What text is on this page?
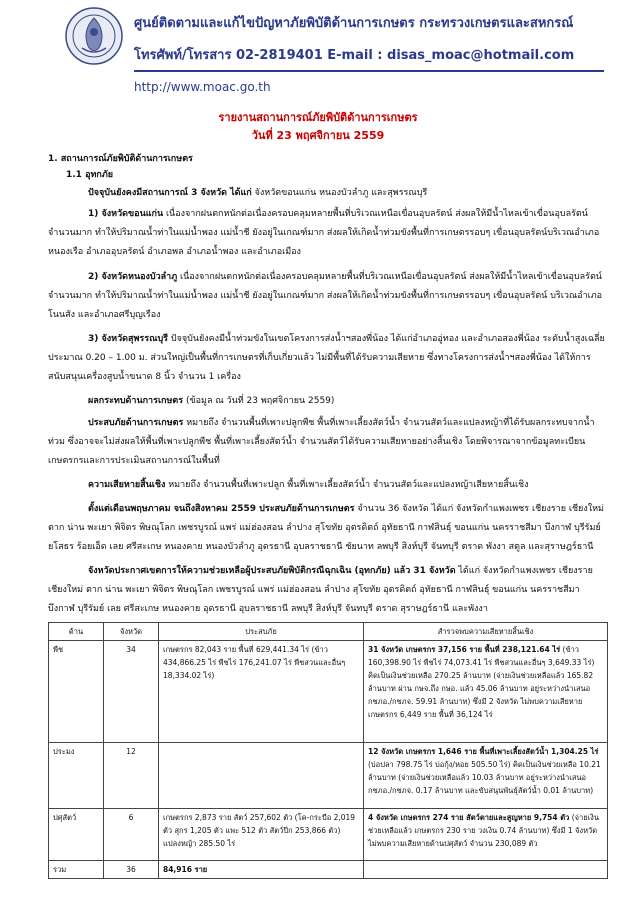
ศูนย์ติดตามและแก้ไขปัญหาภัยพิบัติด้านการเกษตร กระทรวงเกษตรและสหกรณ์
โทรศัพท์/โทรสาร 02-2819401 E-mail : disas_moac@hotmail.com
http://www.moac.go.th
รายงานสถานการณ์ภัยพิบัติด้านการเกษตร
วันที่ 23 พฤศจิกายน 2559
1. สถานการณ์ภัยพิบัติด้านการเกษตร
1.1 อุทกภัย
ปัจจุบันยังคงมีสถานการณ์ 3 จังหวัด ได้แก่ จังหวัดขอนแก่น หนองบัวลำภู และสุพรรณบุรี
1) จังหวัดขอนแก่น เนื่องจากฝนตกหนักต่อเนื่องครอบคลุมหลายพื้นที่บริเวณเหนือเขื่อนอุบลรัตน์ ส่งผลให้มีน้ำไหลเข้าเขื่อนอุบลรัตน์จำนวนมาก ทำให้ปริมาณน้ำท่าในแม่น้ำพอง แม่น้ำชี ยังอยู่ในเกณฑ์มาก ส่งผลให้เกิดน้ำท่วมขังพื้นที่การเกษตรรอบๆ เขื่อนอุบลรัตน์บริเวณอำเภอหนองเรือ อำเภออุบลรัตน์ อำเภอพล อำเภอน้ำพอง และอำเภอเมือง
2) จังหวัดหนองบัวลำภู เนื่องจากฝนตกหนักต่อเนื่องครอบคลุมหลายพื้นที่บริเวณเหนือเขื่อนอุบลรัตน์ ส่งผลให้มีน้ำไหลเข้าเขื่อนอุบลรัตน์จำนวนมาก ทำให้ปริมาณน้ำท่าในแม่น้ำพอง แม่น้ำชี ยังอยู่ในเกณฑ์มาก ส่งผลให้เกิดน้ำท่วมขังพื้นที่การเกษตรรอบๆ เขื่อนอุบลรัตน์ บริเวณอำเภอโนนสัง และอำเภอศรีบุญเรือง
3) จังหวัดสุพรรณบุรี ปัจจุบันยังคงมีน้ำท่วมขังในเขตโครงการส่งน้ำฯสองพี่น้อง ได้แก่อำเภออู่ทอง และอำเภอสองพี่น้อง ระดับน้ำสูงเฉลี่ยประมาณ 0.20 – 1.00 ม. ส่วนใหญ่เป็นพื้นที่การเกษตรที่เก็บเกี่ยวแล้ว ไม่มีพื้นที่ได้รับความเสียหาย ซึ่งทางโครงการส่งน้ำฯสองพี่น้อง ได้ให้การสนับสนุนเครื่องสูบน้ำขนาด 8 นิ้ว จำนวน 1 เครื่อง
ผลกระทบด้านการเกษตร (ข้อมูล ณ วันที่ 23 พฤศจิกายน 2559)
ประสบภัยด้านการเกษตร หมายถึง จำนวนพื้นที่เพาะปลูกพืช พื้นที่เพาะเลี้ยงสัตว์น้ำ จำนวนสัตว์และแปลงหญ้าที่ได้รับผลกระทบจากน้ำท่วม ซึ่งอาจจะไม่ส่งผลให้พื้นที่เพาะปลูกพืช พื้นที่เพาะเลี้ยงสัตว์น้ำ จำนวนสัตว์ได้รับความเสียหายอย่างสิ้นเชิง โดยพิจารณาจากข้อมูลทะเบียนเกษตรกรและการประเมินสถานการณ์ในพื้นที่
ความเสียหายสิ้นเชิง หมายถึง จำนวนพื้นที่เพาะปลูก พื้นที่เพาะเลี้ยงสัตว์น้ำ จำนวนสัตว์และแปลงหญ้าเสียหายสิ้นเชิง
ตั้งแต่เดือนพฤษภาคม จนถึงสิงหาคม 2559 ประสบภัยด้านการเกษตร จำนวน 36 จังหวัด ได้แก่ จังหวัดกำแพงเพชร เชียงราย เชียงใหม่ ตาก น่าน พะเยา พิจิตร พิษณุโลก เพชรบูรณ์ แพร่ แม่ฮ่องสอน ลำปาง สุโขทัย อุตรดิตถ์ อุทัยธานี กาฬสินธุ์ ขอนแก่น นครราชสีมา บึงกาฬ บุรีรัมย์ ยโสธร ร้อยเอ็ด เลย ศรีสะเกษ หนองคาย หนองบัวลำภู อุดรธานี อุบลราชธานี ชัยนาท ลพบุรี สิงห์บุรี จันทบุรี ตราด พังงา สตูล และสุราษฎร์ธานี
จังหวัดประกาศเขตการให้ความช่วยเหลือผู้ประสบภัยพิบัติกรณีฉุกเฉิน (อุทกภัย) แล้ว 31 จังหวัด ได้แก่ จังหวัดกำแพงเพชร เชียงราย เชียงใหม่ ตาก น่าน พะเยา พิจิตร พิษณุโลก เพชรบูรณ์ แพร่ แม่ฮ่องสอน ลำปาง สุโขทัย อุตรดิตถ์ อุทัยธานี กาฬสินธุ์ ขอนแก่น นครราชสีมา บึงกาฬ บุรีรัมย์ เลย ศรีสะเกษ หนองคาย อุดรธานี อุบลราชธานี ลพบุรี สิงห์บุรี จันทบุรี ตราด สุราษฎร์ธานี และพังงา
ด้าน	จังหวัด	ประสบภัย	สำรวจพบความเสียหายสิ้นเชิง
พืช	34	เกษตรกร 82,043 ราย พื้นที่ 629,441.34 ไร่ (ข้าว 434,866.25 ไร่ พืชไร่ 176,241.07 ไร่ พืชสวนและอื่นๆ 18,334.02 ไร่)	31 จังหวัด เกษตรกร 37,156 ราย พื้นที่ 238,121.64 ไร่ (ข้าว 160,398.90 ไร่ พืชไร่ 74,073.41 ไร่ พืชสวนและอื่นๆ 3,649.33 ไร่) คิดเป็นเงินช่วยเหลือ 270.25 ล้านบาท (จ่ายเงินช่วยเหลือแล้ว 165.82 ล้านบาท ผ่าน กษจ.ถึง กษอ. แล้ว 45.06 ล้านบาท อยู่ระหว่างนำเสนอ กชภอ./กชภจ. 59.91 ล้านบาท) ซึ่งมี 2 จังหวัด ไม่พบความเสียหาย เกษตรกร 6,449 ราย พื้นที่ 36,124 ไร่
ประมง	12		12 จังหวัด เกษตรกร 1,646 ราย พื้นที่เพาะเลี้ยงสัตว์น้ำ 1,304.25 ไร่ (บ่อปลา 798.75 ไร่ บ่อกุ้ง/หอย 505.50 ไร่) คิดเป็นเงินช่วยเหลือ 10.21 ล้านบาท (จ่ายเงินช่วยเหลือแล้ว 10.03 ล้านบาท อยู่ระหว่างนำเสนอ กชภอ./กชภจ. 0.17 ล้านบาท และขับสนุนพันธุ์สัตว์น้ำ 0.01 ล้านบาท)
ปศุสัตว์	6	เกษตรกร 2,873 ราย สัตว์ 257,602 ตัว (โค-กระบือ 2,019 ตัว สุกร 1,205 ตัว แพะ 512 ตัว สัตว์ปีก 253,866 ตัว) แปลงหญ้า 285.50 ไร่	4 จังหวัด เกษตรกร 274 ราย สัตว์ตายและสูญหาย 9,754 ตัว (จ่ายเงินช่วยเหลือแล้ว เกษตรกร 230 ราย วงเงิน 0.74 ล้านบาท) ซึ่งมี 1 จังหวัด ไม่พบความเสียหายด้านปศุสัตว์ จำนวน 230,089 ตัว
รวม	36	84,916 ราย	
